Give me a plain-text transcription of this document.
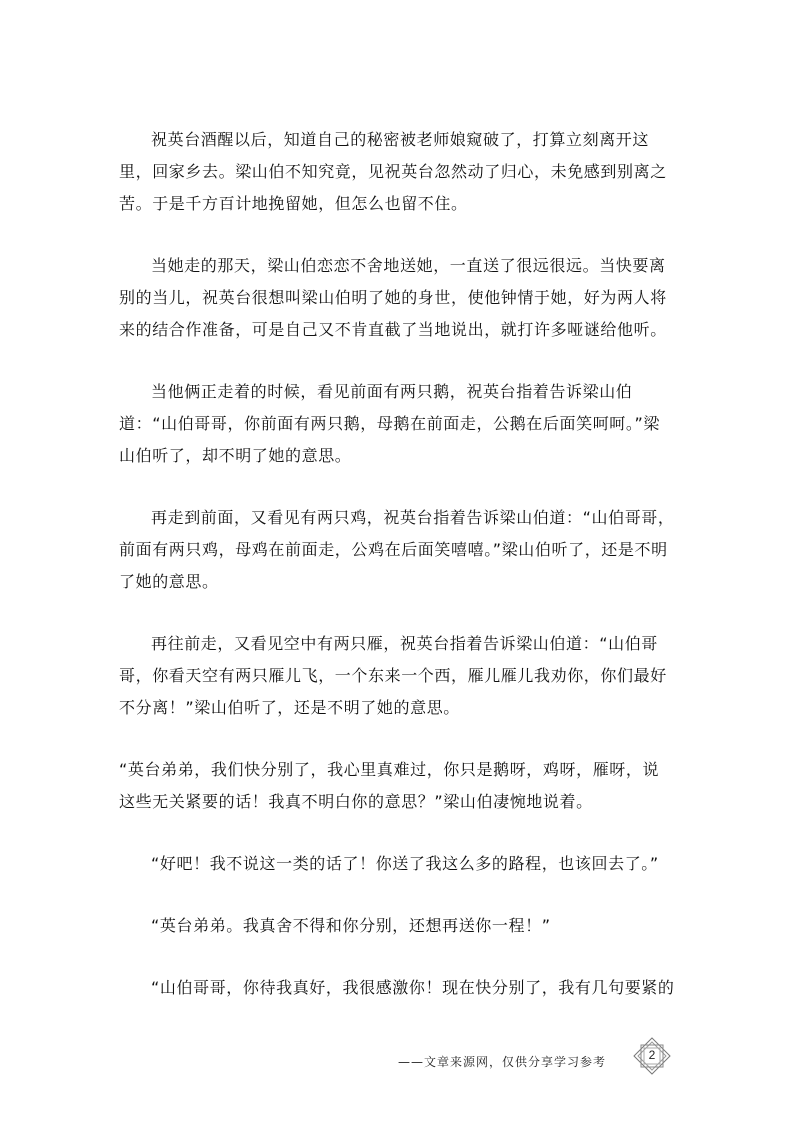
祝英台酒醒以后，知道自己的秘密被老师娘窥破了，打算立刻离开这里，回家乡去。梁山伯不知究竟，见祝英台忽然动了归心，未免感到别离之苦。于是千方百计地挽留她，但怎么也留不住。

当她走的那天，梁山伯恋恋不舍地送她，一直送了很远很远。当快要离别的当儿，祝英台很想叫梁山伯明了她的身世，使他钟情于她，好为两人将来的结合作准备，可是自己又不肯直截了当地说出，就打许多哑谜给他听。

当他俩正走着的时候，看见前面有两只鹅，祝英台指着告诉梁山伯道：“山伯哥哥，你前面有两只鹅，母鹅在前面走，公鹅在后面笑呵呵。”梁山伯听了，却不明了她的意思。

再走到前面，又看见有两只鸡，祝英台指着告诉梁山伯道：“山伯哥哥，前面有两只鸡，母鸡在前面走，公鸡在后面笑嘻嘻。”梁山伯听了，还是不明了她的意思。

再往前走，又看见空中有两只雁，祝英台指着告诉梁山伯道：“山伯哥哥，你看天空有两只雁儿飞，一个东来一个西，雁儿雁儿我劝你，你们最好不分离！”梁山伯听了，还是不明了她的意思。

“英台弟弟，我们快分别了，我心里真难过，你只是鹅呀，鸡呀，雁呀，说这些无关紧要的话！我真不明白你的意思？”梁山伯凄惋地说着。

“好吧！我不说这一类的话了！你送了我这么多的路程，也该回去了。”

“英台弟弟。我真舍不得和你分别，还想再送你一程！”

“山伯哥哥，你待我真好，我很感激你！现在快分别了，我有几句要紧的

——文章来源网，仅供分享学习参考	2
